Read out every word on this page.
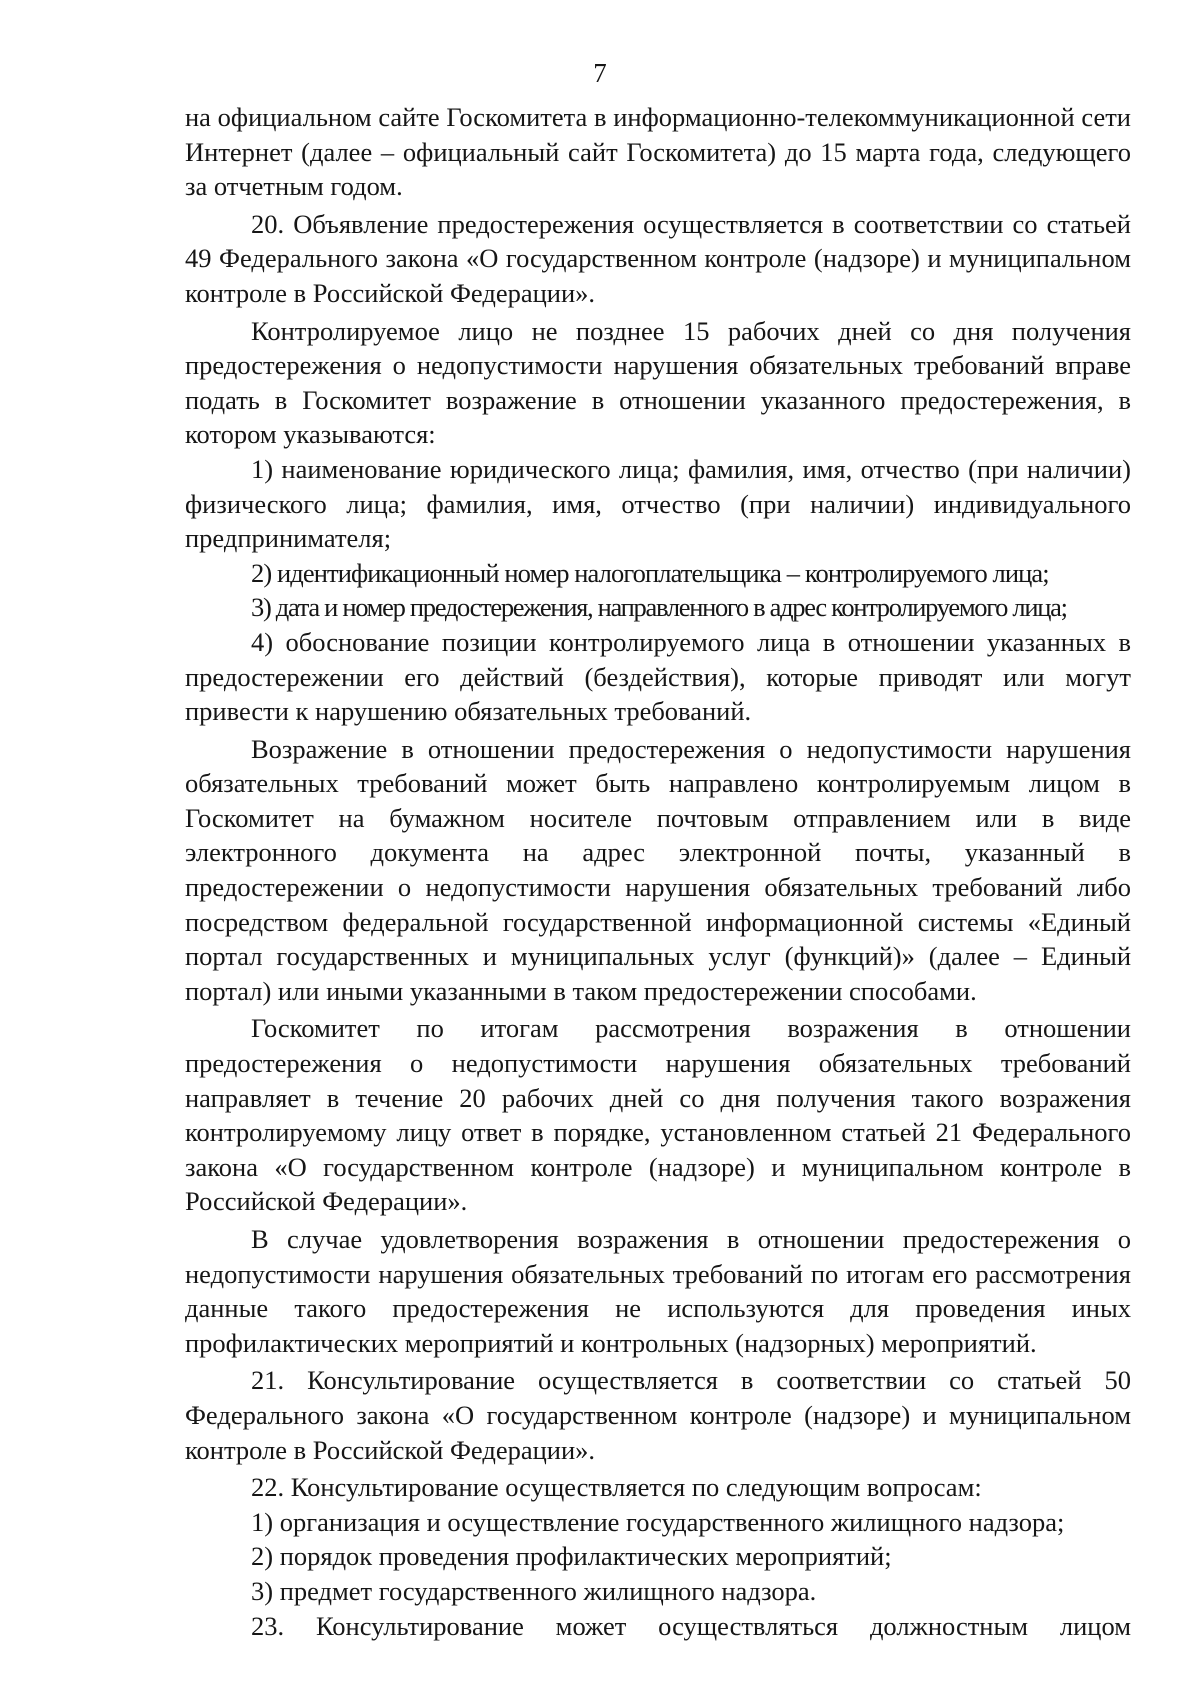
7

на официальном сайте Госкомитета в информационно-телекоммуникационной сети Интернет (далее – официальный сайт Госкомитета) до 15 марта года, следующего за отчетным годом.

20. Объявление предостережения осуществляется в соответствии со статьей 49 Федерального закона «О государственном контроле (надзоре) и муниципальном контроле в Российской Федерации».

Контролируемое лицо не позднее 15 рабочих дней со дня получения предостережения о недопустимости нарушения обязательных требований вправе подать в Госкомитет возражение в отношении указанного предостережения, в котором указываются:

1) наименование юридического лица; фамилия, имя, отчество (при наличии) физического лица; фамилия, имя, отчество (при наличии) индивидуального предпринимателя;

2) идентификационный номер налогоплательщика – контролируемого лица;

3) дата и номер предостережения, направленного в адрес контролируемого лица;

4) обоснование позиции контролируемого лица в отношении указанных в предостережении его действий (бездействия), которые приводят или могут привести к нарушению обязательных требований.

Возражение в отношении предостережения о недопустимости нарушения обязательных требований может быть направлено контролируемым лицом в Госкомитет на бумажном носителе почтовым отправлением или в виде электронного документа на адрес электронной почты, указанный в предостережении о недопустимости нарушения обязательных требований либо посредством федеральной государственной информационной системы «Единый портал государственных и муниципальных услуг (функций)» (далее – Единый портал) или иными указанными в таком предостережении способами.

Госкомитет по итогам рассмотрения возражения в отношении предостережения о недопустимости нарушения обязательных требований направляет в течение 20 рабочих дней со дня получения такого возражения контролируемому лицу ответ в порядке, установленном статьей 21 Федерального закона «О государственном контроле (надзоре) и муниципальном контроле в Российской Федерации».

В случае удовлетворения возражения в отношении предостережения о недопустимости нарушения обязательных требований по итогам его рассмотрения данные такого предостережения не используются для проведения иных профилактических мероприятий и контрольных (надзорных) мероприятий.

21. Консультирование осуществляется в соответствии со статьей 50 Федерального закона «О государственном контроле (надзоре) и муниципальном контроле в Российской Федерации».

22. Консультирование осуществляется по следующим вопросам:

1) организация и осуществление государственного жилищного надзора;

2) порядок проведения профилактических мероприятий;

3) предмет государственного жилищного надзора.

23. Консультирование может осуществляться должностным лицом
